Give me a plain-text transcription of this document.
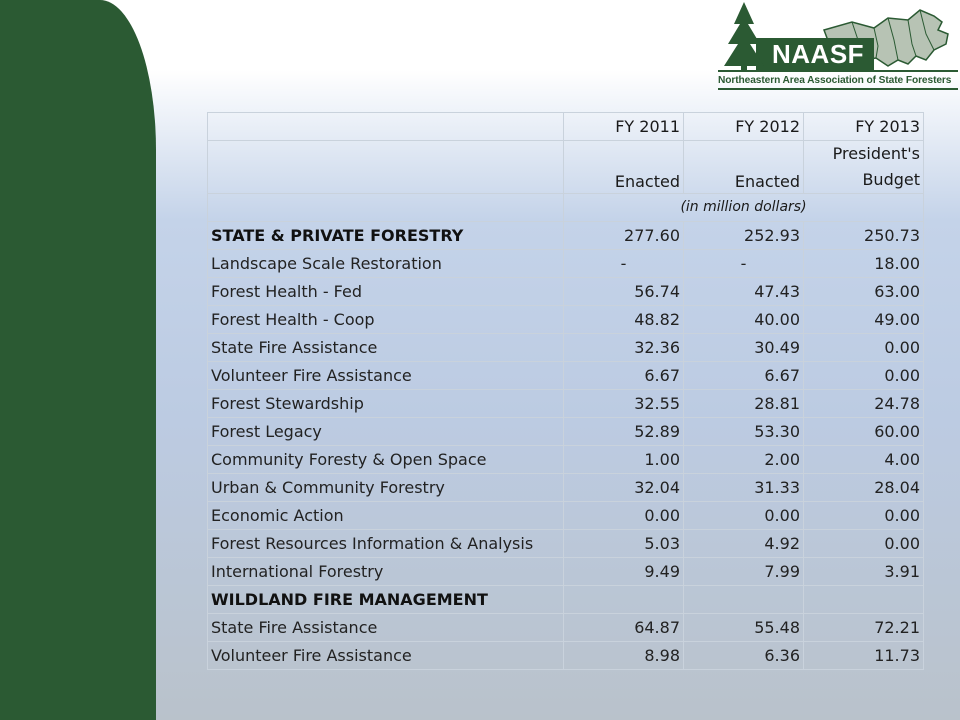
NAASF
Northeastern Area Association of State Foresters
	FY 2011	FY 2012	FY 2013
	Enacted	Enacted	President's
Budget

	(in million dollars)		
STATE & PRIVATE FORESTRY	277.60	252.93	250.73
Landscape Scale Restoration	-	-	18.00
Forest Health - Fed	56.74	47.43	63.00
Forest Health - Coop	48.82	40.00	49.00
State Fire Assistance	32.36	30.49	0.00
Volunteer Fire Assistance	6.67	6.67	0.00
Forest Stewardship	32.55	28.81	24.78
Forest Legacy	52.89	53.30	60.00
Community Foresty & Open Space	1.00	2.00	4.00
Urban & Community Forestry	32.04	31.33	28.04
Economic Action	0.00	0.00	0.00
Forest Resources Information & Analysis	5.03	4.92	0.00
International Forestry	9.49	7.99	3.91
WILDLAND FIRE MANAGEMENT			
State Fire Assistance	64.87	55.48	72.21
Volunteer Fire Assistance	8.98	6.36	11.73
